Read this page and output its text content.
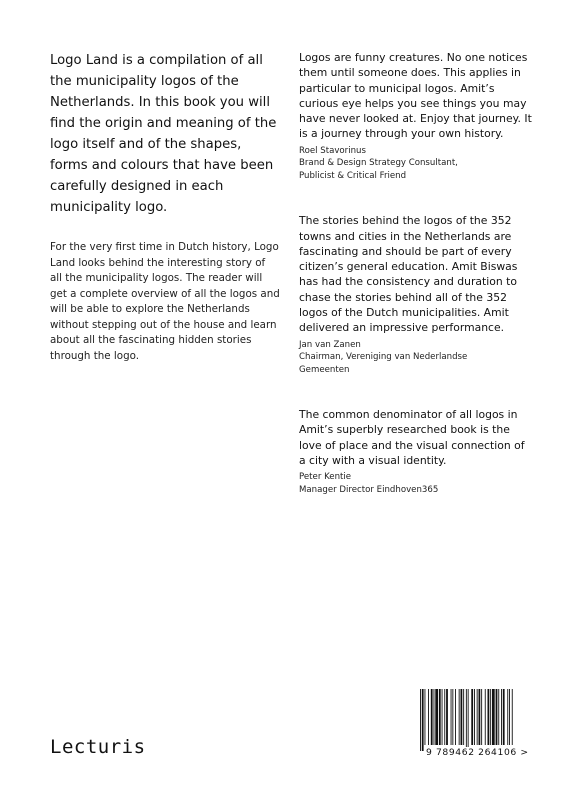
Logo Land is a compilation of all the municipality logos of the Netherlands. In this book you will find the origin and meaning of the logo itself and of the shapes, forms and colours that have been carefully designed in each municipality logo.

For the very first time in Dutch history, Logo Land looks behind the interesting story of all the municipality logos. The reader will get a complete overview of all the logos and will be able to explore the Netherlands without stepping out of the house and learn about all the fascinating hidden stories through the logo.

Logos are funny creatures. No one notices them until someone does. This applies in particular to municipal logos. Amit’s curious eye helps you see things you may have never looked at. Enjoy that journey. It is a journey through your own history.

Roel Stavorinus
Brand & Design Strategy Consultant,
Publicist & Critical Friend

The stories behind the logos of the 352 towns and cities in the Netherlands are fascinating and should be part of every citizen’s general education. Amit Biswas has had the consistency and duration to chase the stories behind all of the 352 logos of the Dutch municipalities. Amit delivered an impressive performance.

Jan van Zanen
Chairman, Vereniging van Nederlandse
Gemeenten

The common denominator of all logos in Amit’s superbly researched book is the love of place and the visual connection of a city with a visual identity.

Peter Kentie
Manager Director Eindhoven365

Lecturis	9 789462 264106 >
